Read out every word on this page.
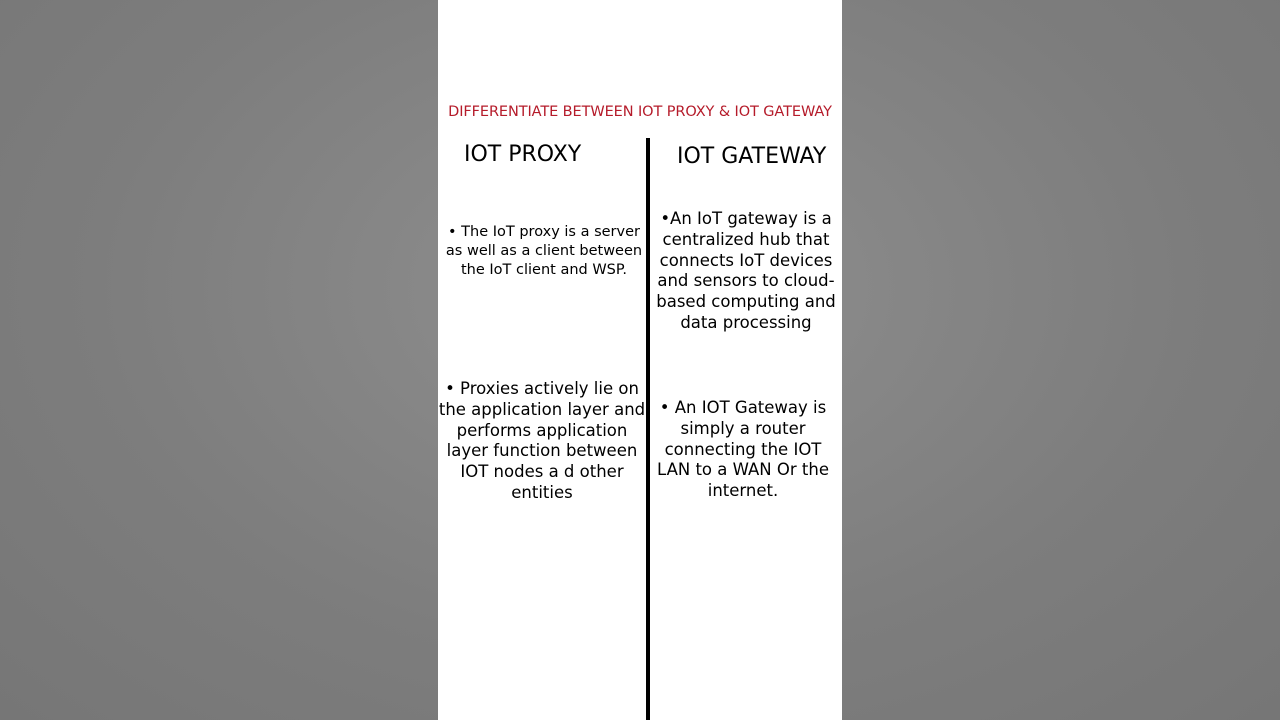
DIFFERENTIATE BETWEEN IOT PROXY & IOT GATEWAY
IOT PROXY	IOT GATEWAY
• The IoT proxy is a server as well as a client between the IoT client and WSP.
•An IoT gateway is a centralized hub that connects IoT devices and sensors to cloud-based computing and data processing
• Proxies actively lie on the application layer and performs application layer function between IOT nodes a d other entities
• An IOT Gateway is simply a router connecting the IOT LAN to a WAN Or the internet.
